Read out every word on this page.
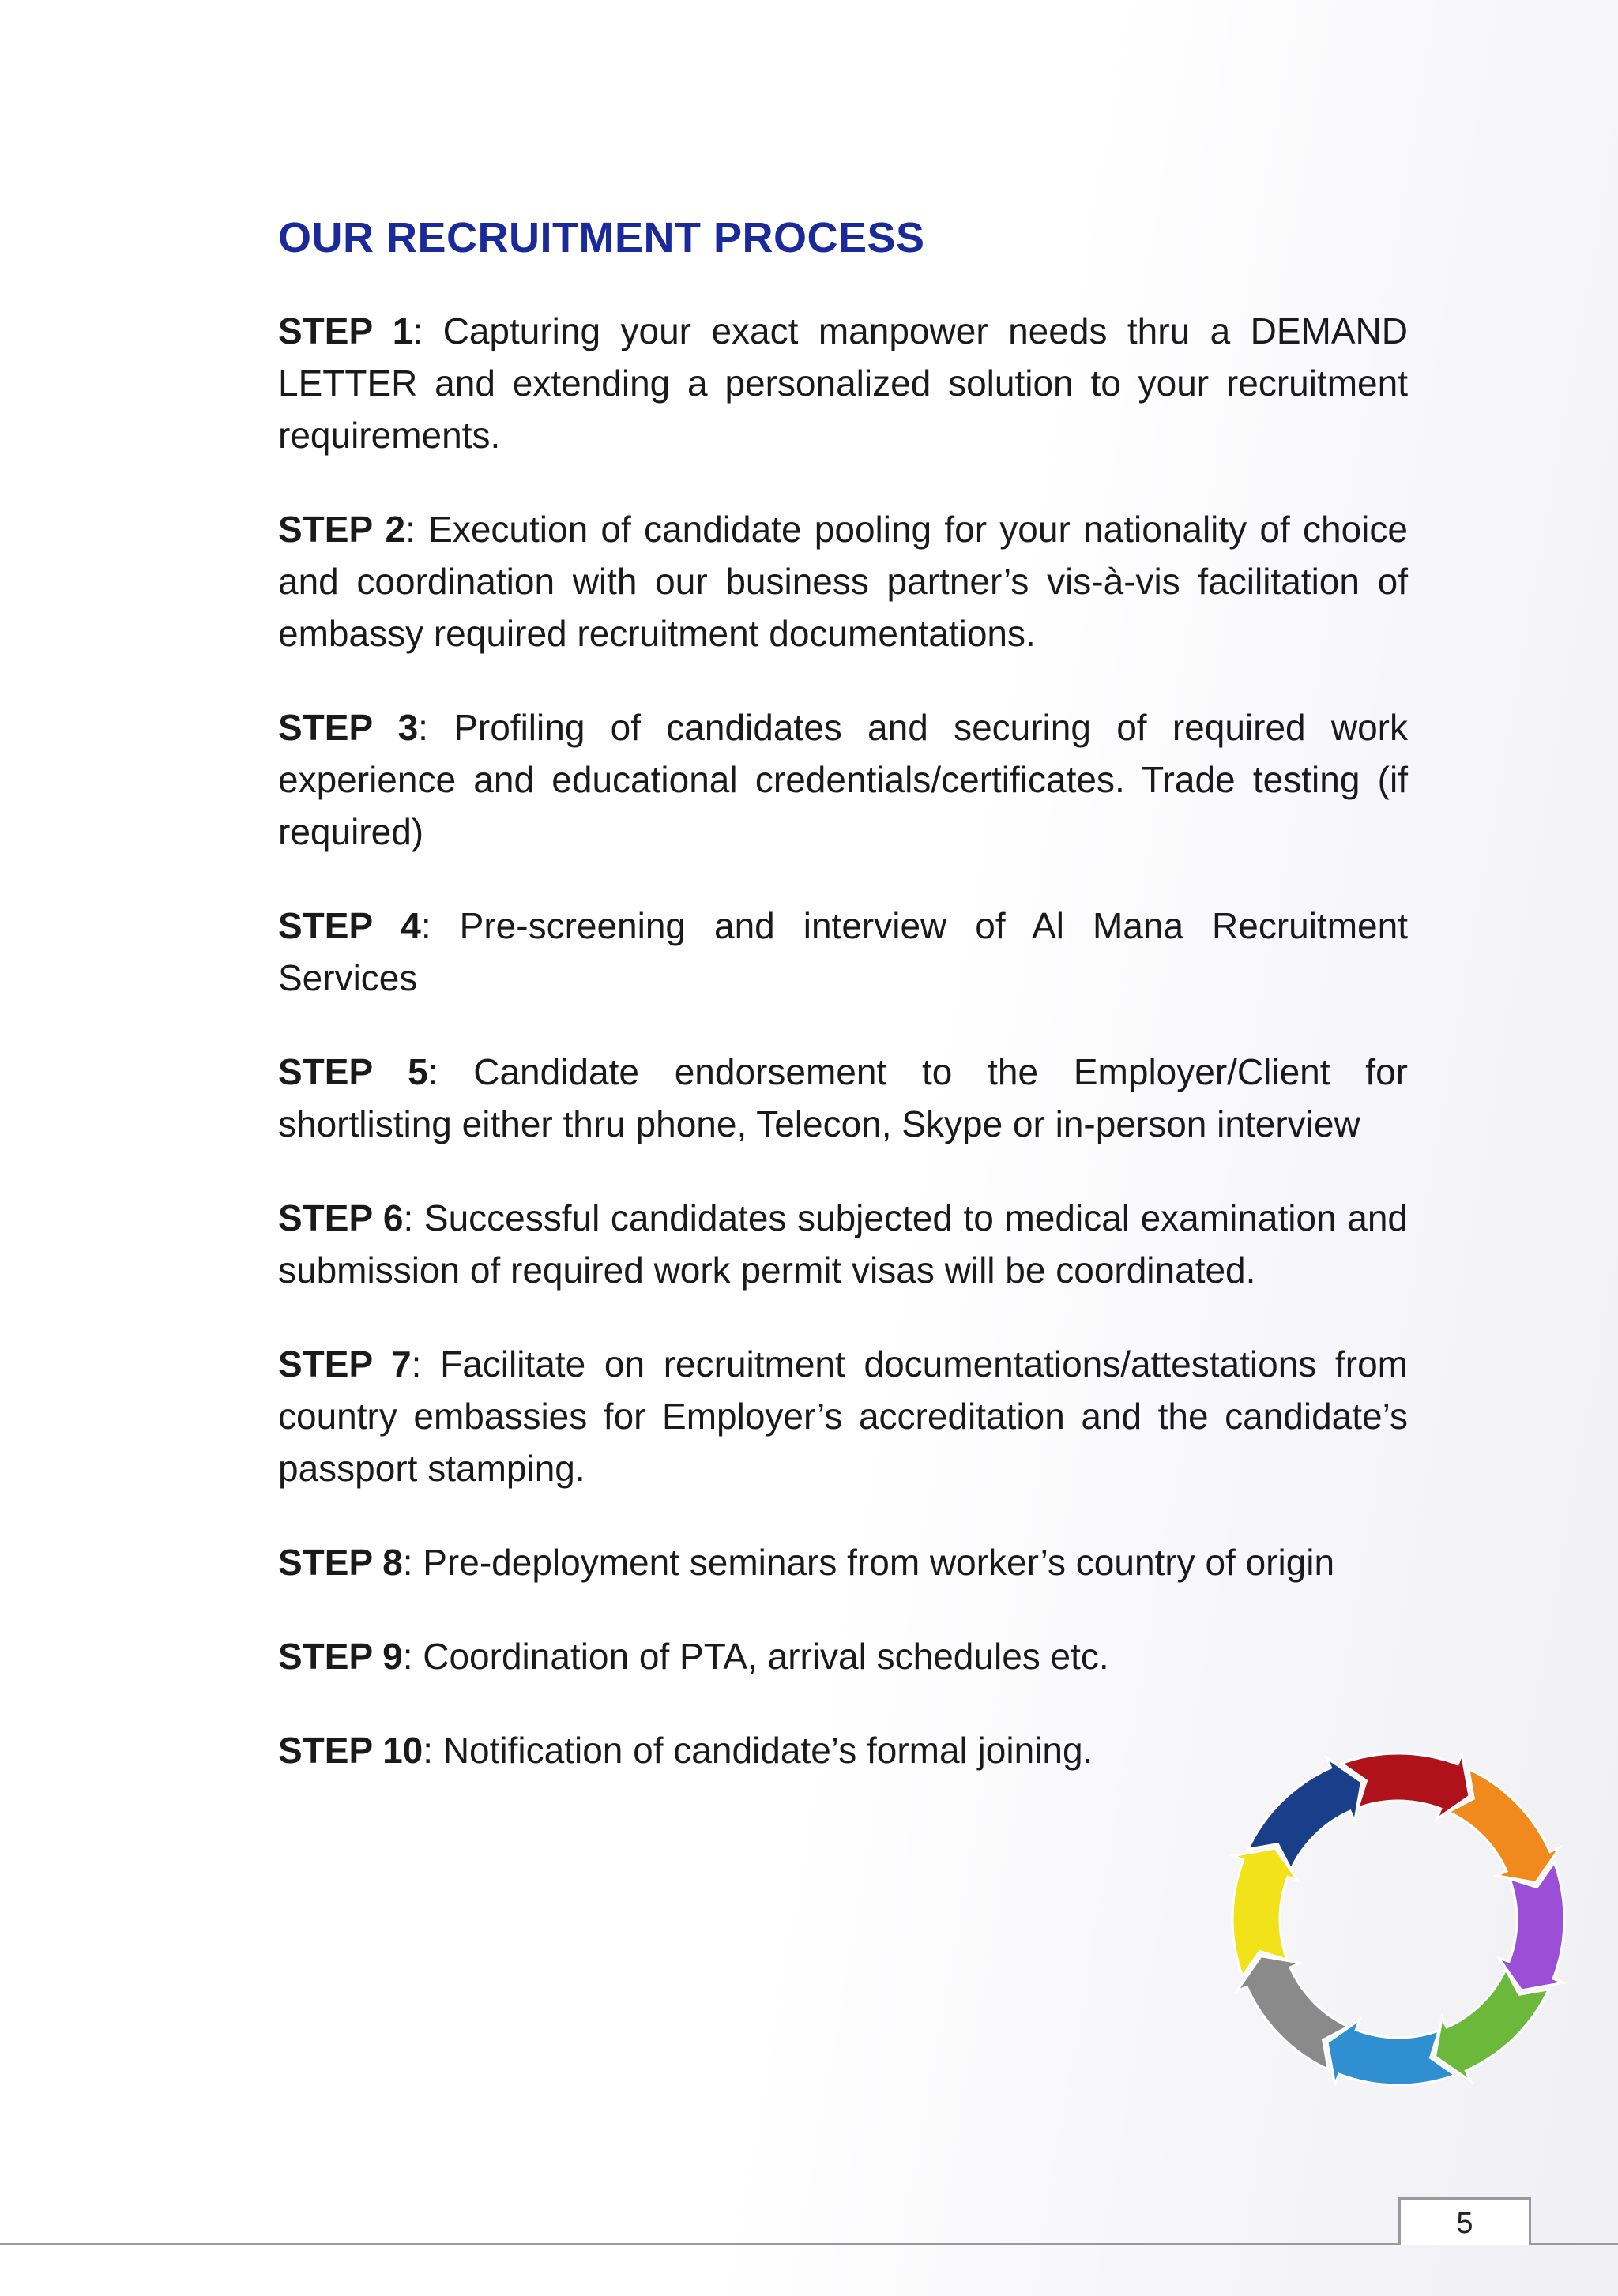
OUR RECRUITMENT PROCESS

STEP 1: Capturing your exact manpower needs thru a DEMAND LETTER and extending a personalized solution to your recruitment requirements.

STEP 2: Execution of candidate pooling for your nationality of choice and coordination with our business partner’s vis-à-vis facilitation of embassy required recruitment documentations.

STEP 3: Profiling of candidates and securing of required work experience and educational credentials/certificates. Trade testing (if required)

STEP 4: Pre-screening and interview of Al Mana Recruitment Services

STEP 5: Candidate endorsement to the Employer/Client for shortlisting either thru phone, Telecon, Skype or in-person interview

STEP 6: Successful candidates subjected to medical examination and submission of required work permit visas will be coordinated.

STEP 7: Facilitate on recruitment documentations/attestations from country embassies for Employer’s accreditation and the candidate’s passport stamping.

STEP 8: Pre-deployment seminars from worker’s country of origin

STEP 9: Coordination of PTA, arrival schedules etc.

STEP 10: Notification of candidate’s formal joining.

5
